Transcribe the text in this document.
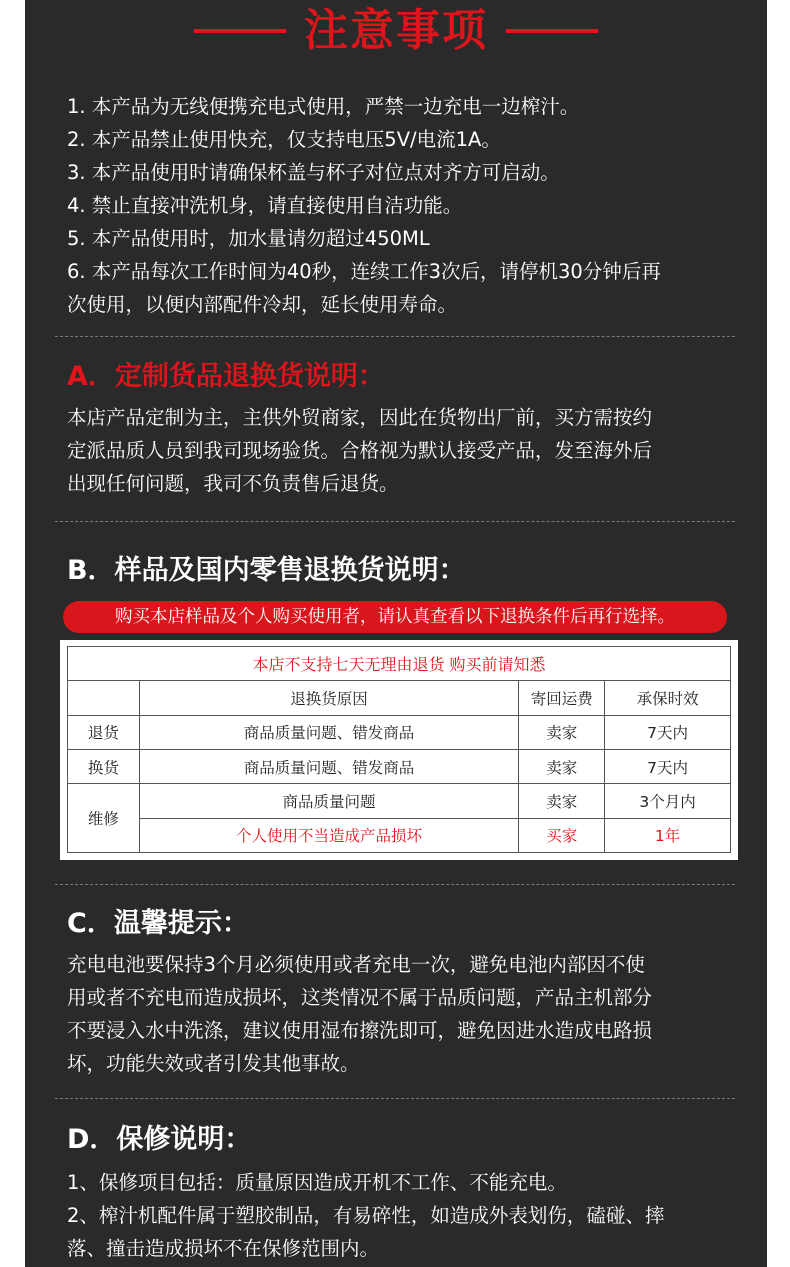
注意事项
1. 本产品为无线便携充电式使用，严禁一边充电一边榨汁。
2. 本产品禁止使用快充，仅支持电压5V/电流1A。
3. 本产品使用时请确保杯盖与杯子对位点对齐方可启动。
4. 禁止直接冲洗机身，请直接使用自洁功能。
5. 本产品使用时，加水量请勿超过450ML
6. 本产品每次工作时间为40秒，连续工作3次后，请停机30分钟后再
次使用，以便内部配件冷却，延长使用寿命。
A．定制货品退换货说明：
本店产品定制为主，主供外贸商家，因此在货物出厂前，买方需按约
定派品质人员到我司现场验货。合格视为默认接受产品，发至海外后
出现任何问题，我司不负责售后退货。
B．样品及国内零售退换货说明：
购买本店样品及个人购买使用者，请认真查看以下退换条件后再行选择。
本店不支持七天无理由退货 购买前请知悉			
	退换货原因	寄回运费	承保时效
退货	商品质量问题、错发商品	卖家	7天内
换货	商品质量问题、错发商品	卖家	7天内
维修	商品质量问题	卖家	3个月内
	个人使用不当造成产品损坏	买家	1年
C．温馨提示：
充电电池要保持3个月必须使用或者充电一次，避免电池内部因不使
用或者不充电而造成损坏，这类情况不属于品质问题，产品主机部分
不要浸入水中洗涤，建议使用湿布擦洗即可，避免因进水造成电路损
坏，功能失效或者引发其他事故。
D．保修说明：
1、保修项目包括：质量原因造成开机不工作、不能充电。
2、榨汁机配件属于塑胶制品，有易碎性，如造成外表划伤，磕碰、摔
落、撞击造成损坏不在保修范围内。
